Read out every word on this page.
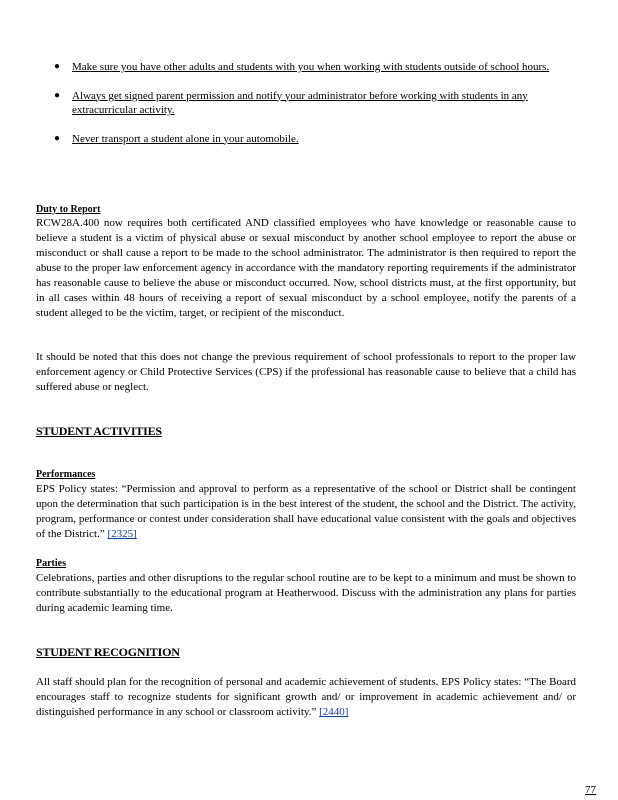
● Make sure you have other adults and students with you when working with students outside of school hours.
● Always get signed parent permission and notify your administrator before working with students in any extracurricular activity.
● Never transport a student alone in your automobile.

Duty to Report

RCW28A.400 now requires both certificated AND classified employees who have knowledge or reasonable cause to believe a student is a victim of physical abuse or sexual misconduct by another school employee to report the abuse or misconduct or shall cause a report to be made to the school administrator. The administrator is then required to report the abuse to the proper law enforcement agency in accordance with the mandatory reporting requirements if the administrator has reasonable cause to believe the abuse or misconduct occurred. Now, school districts must, at the first opportunity, but in all cases within 48 hours of receiving a report of sexual misconduct by a school employee, notify the parents of a student alleged to be the victim, target, or recipient of the misconduct.

It should be noted that this does not change the previous requirement of school professionals to report to the proper law enforcement agency or Child Protective Services (CPS) if the professional has reasonable cause to believe that a child has suffered abuse or neglect.

STUDENT ACTIVITIES

Performances

EPS Policy states: “Permission and approval to perform as a representative of the school or District shall be contingent upon the determination that such participation is in the best interest of the student, the school and the District. The activity, program, performance or contest under consideration shall have educational value consistent with the goals and objectives of the District.” [2325]

Parties

Celebrations, parties and other disruptions to the regular school routine are to be kept to a minimum and must be shown to contribute substantially to the educational program at Heatherwood. Discuss with the administration any plans for parties during academic learning time.

STUDENT RECOGNITION

All staff should plan for the recognition of personal and academic achievement of students. EPS Policy states: “The Board encourages staff to recognize students for significant growth and/ or improvement in academic achievement and/ or distinguished performance in any school or classroom activity.” [2440]

77
